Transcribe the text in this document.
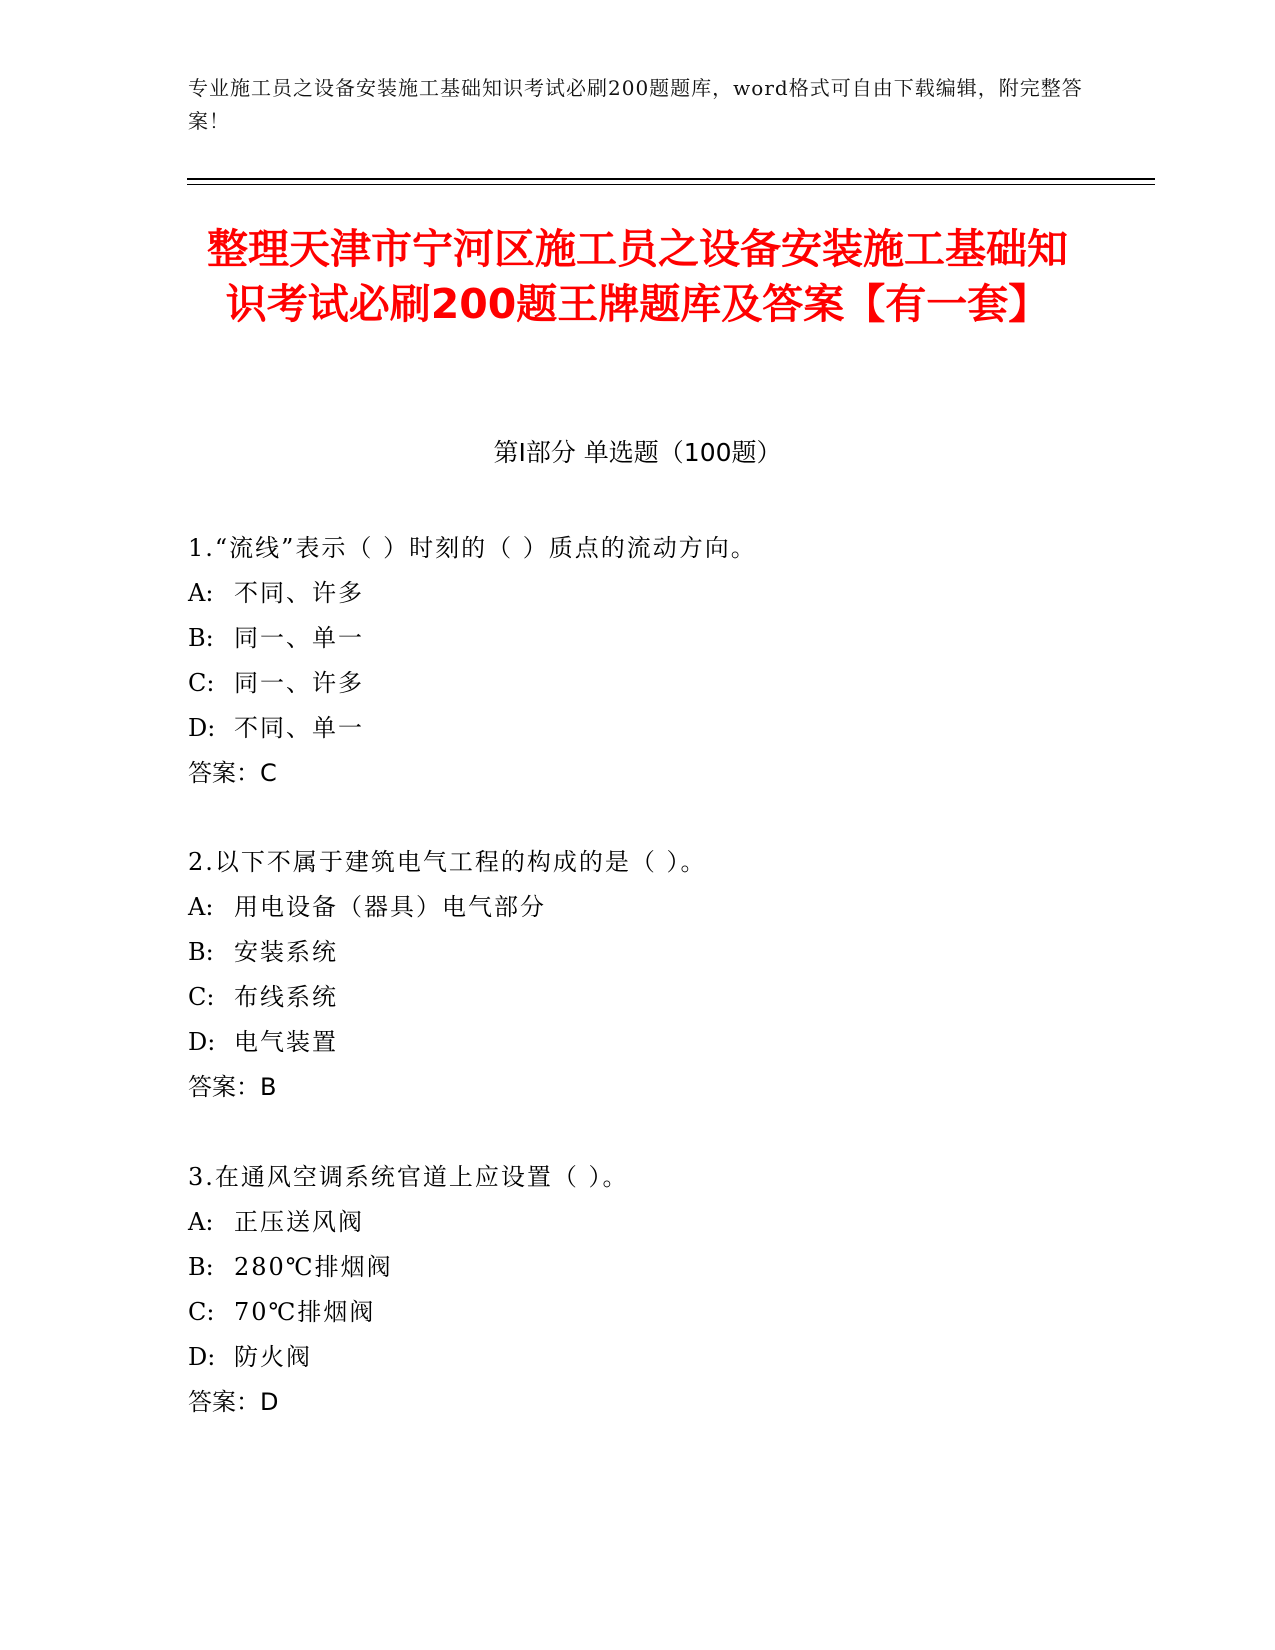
专业施工员之设备安装施工基础知识考试必刷200题题库，word格式可自由下载编辑，附完整答案！
整理天津市宁河区施工员之设备安装施工基础知识考试必刷200题王牌题库及答案【有一套】
第I部分 单选题（100题）
1.“流线”表示（ ）时刻的（ ）质点的流动方向。
A: 不同、许多
B: 同一、单一
C: 同一、许多
D: 不同、单一
答案：C
2.以下不属于建筑电气工程的构成的是（ ）。
A: 用电设备（器具）电气部分
B: 安装系统
C: 布线系统
D: 电气装置
答案：B
3.在通风空调系统官道上应设置（ ）。
A: 正压送风阀
B: 280℃排烟阀
C: 70℃排烟阀
D: 防火阀
答案：D
